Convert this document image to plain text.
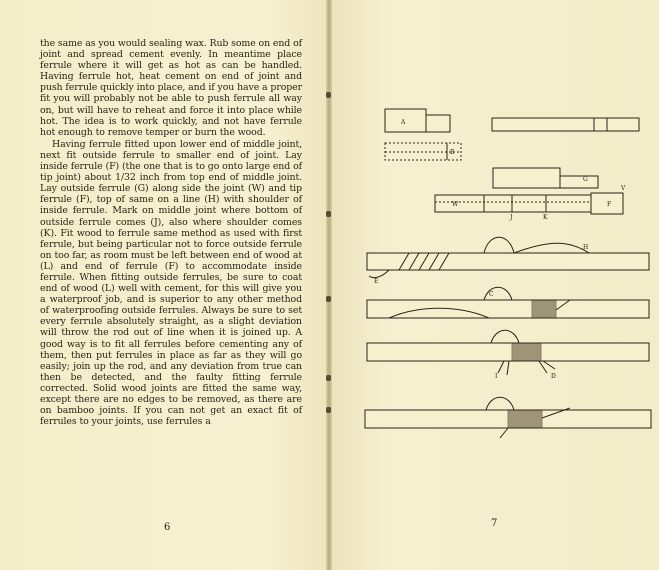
the same as you would sealing wax. Rub some on end of joint and spread cement evenly. In meantime place ferrule where it will get as hot as can be handled. Having ferrule hot, heat cement on end of joint and push ferrule quickly into place, and if you have a proper fit you will probably not be able to push ferrule all way on, but will have to reheat and force it into place while hot. The idea is to work quickly, and not have ferrule hot enough to remove temper or burn the wood.

Having ferrule fitted upon lower end of middle joint, next fit outside ferrule to smaller end of joint. Lay inside ferrule (F) (the one that is to go onto large end of tip joint) about 1/32 inch from top end of middle joint. Lay outside ferrule (G) along side the joint (W) and tip ferrule (F), top of same on a line (H) with shoulder of inside ferrule. Mark on middle joint where bottom of outside ferrule comes (J), also where shoulder comes (K). Fit wood to ferrule same method as used with first ferrule, but being particular not to force outside ferrule on too far, as room must be left between end of wood at (L) and end of ferrule (F) to accommodate inside ferrule. When fitting outside ferrules, be sure to coat end of wood (L) well with cement, for this will give you a waterproof job, and is superior to any other method of waterproofing outside ferrules. Always be sure to set every ferrule absolutely straight, as a slight deviation will throw the rod out of line when it is joined up. A good way is to fit all ferrules before cementing any of them, then put ferrules in place as far as they will go easily; join up the rod, and any deviation from true can then be detected, and the faulty fitting ferrule corrected. Solid wood joints are fitted the same way, except there are no edges to be removed, as there are on bamboo joints. If you can not get an exact fit of ferrules to your joints, use ferrules a

6	7
A
B
G
W
J	K
F
V
H
E
C
I	D
